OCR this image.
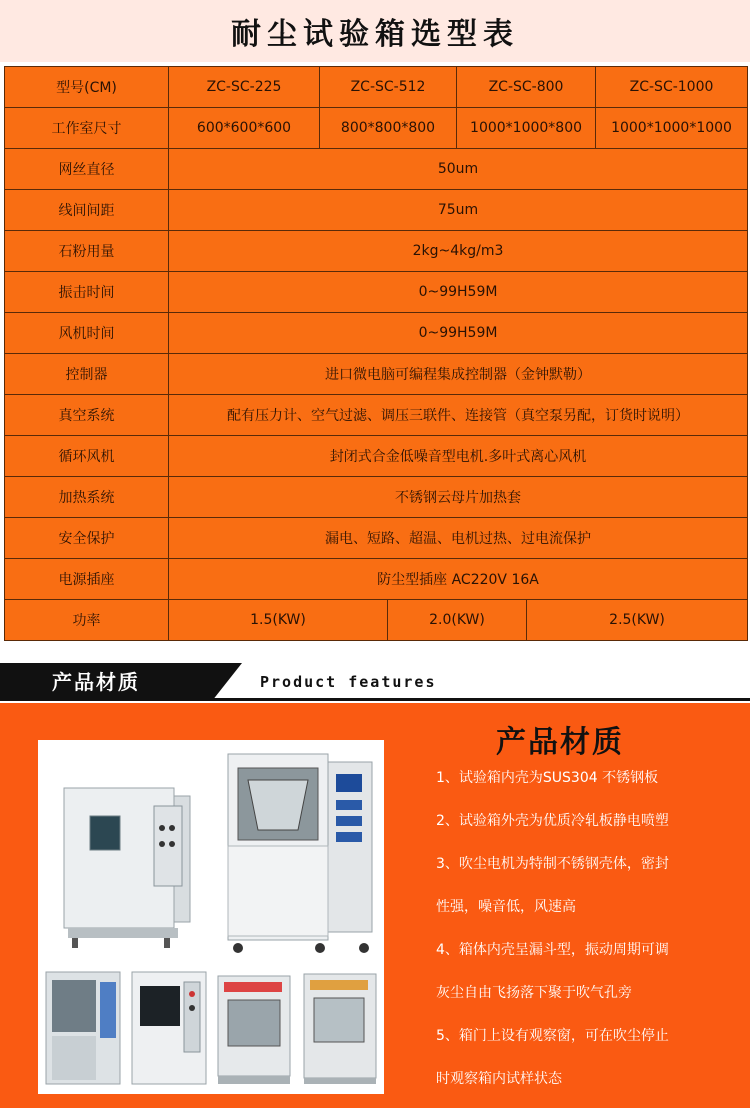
耐尘试验箱选型表
型号(CM)	ZC-SC-225	ZC-SC-512		ZC-SC-800		ZC-SC-1000
工作室尺寸	600*600*600	800*800*800		1000*1000*800		1000*1000*1000
网丝直径	50um					
线间间距	75um					
石粉用量	2kg~4kg/m3					
振击时间	0~99H59M					
风机时间	0~99H59M					
控制器	进口微电脑可编程集成控制器（金钟默勒）					
真空系统	配有压力计、空气过滤、调压三联件、连接管（真空泵另配，订货时说明）					
循环风机	封闭式合金低噪音型电机.多叶式离心风机					
加热系统	不锈钢云母片加热套					
安全保护	漏电、短路、超温、电机过热、过电流保护					
电源插座	防尘型插座 AC220V 16A					
功率	1.5(KW)		2.0(KW)		2.5(KW)	
产品材质	Product features
产品材质
1、试验箱内壳为SUS304 不锈钢板
2、试验箱外壳为优质冷轧板静电喷塑
3、吹尘电机为特制不锈钢壳体，密封
性强，噪音低，风速高
4、箱体内壳呈漏斗型，振动周期可调
灰尘自由飞扬落下聚于吹气孔旁
5、箱门上设有观察窗，可在吹尘停止
时观察箱内试样状态
